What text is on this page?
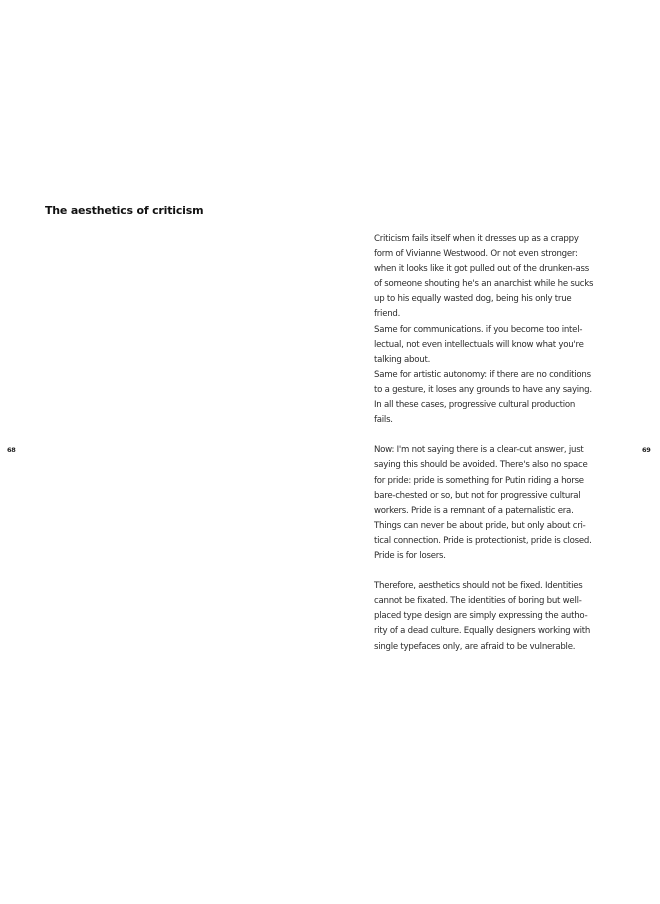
The aesthetics of criticism
68	69
Criticism fails itself when it dresses up as a crappy
form of Vivianne Westwood. Or not even stronger:
when it looks like it got pulled out of the drunken-ass
of someone shouting he's an anarchist while he sucks
up to his equally wasted dog, being his only true
friend.
Same for communications. if you become too intel-
lectual, not even intellectuals will know what you're
talking about.
Same for artistic autonomy: if there are no conditions
to a gesture, it loses any grounds to have any saying.
In all these cases, progressive cultural production
fails.
Now: I'm not saying there is a clear-cut answer, just
saying this should be avoided. There's also no space
for pride: pride is something for Putin riding a horse
bare-chested or so, but not for progressive cultural
workers. Pride is a remnant of a paternalistic era.
Things can never be about pride, but only about cri-
tical connection. Pride is protectionist, pride is closed.
Pride is for losers.
Therefore, aesthetics should not be fixed. Identities
cannot be fixated. The identities of boring but well-
placed type design are simply expressing the autho-
rity of a dead culture. Equally designers working with
single typefaces only, are afraid to be vulnerable.
